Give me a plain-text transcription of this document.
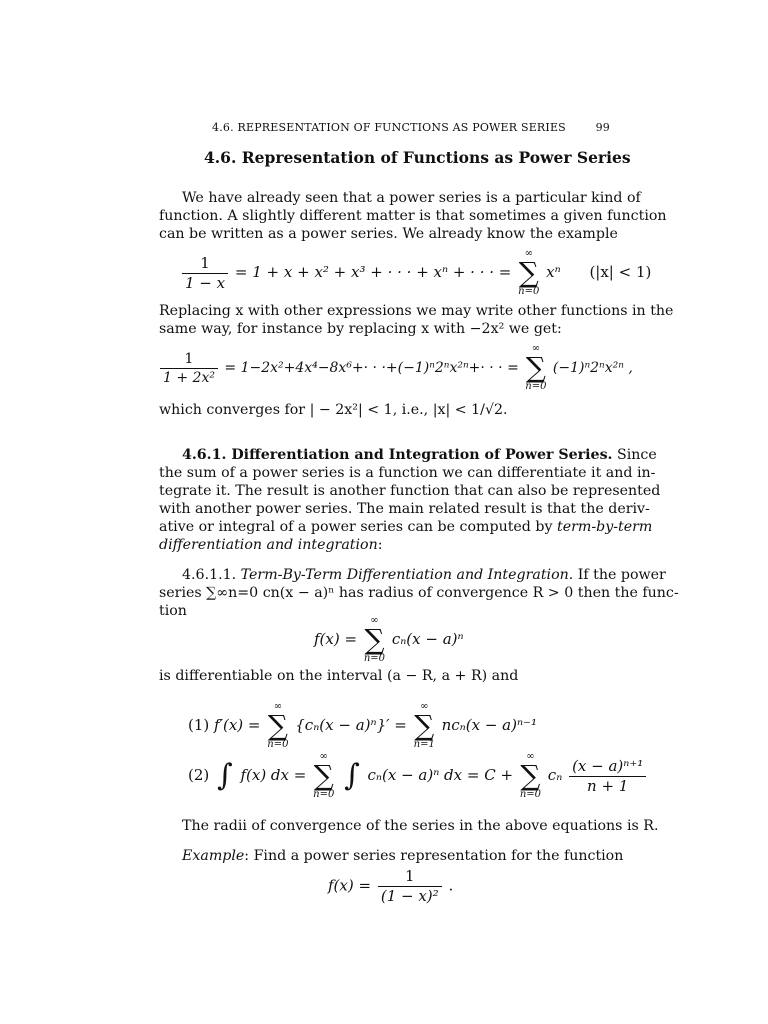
4.6. REPRESENTATION OF FUNCTIONS AS POWER SERIES	99
4.6. Representation of Functions as Power Series
We have already seen that a power series is a particular kind of
function. A slightly different matter is that sometimes a given function
can be written as a power series. We already know the example
$\frac{1}{1 - x} = 1 + x + x^2 + x^3$ + · · · + xⁿ + · · · =
∞
∑
n=0
xⁿ (|x| < 1)
Replacing x with other expressions we may write other functions in the
same way, for instance by replacing x with −2x² we get:
$\frac{1}{\text{1 + 2x²}} = 1-2x^2+4x^4-8x^6+\cdot \cdot \cdot+(-1)^n2^nx^{2n}+\cdot$ · · =
∞
∑
n=0
(−1)ⁿ2ⁿx²ⁿ ,
which converges for | − 2x²| < 1, i.e., |x| < 1/√2.
4.6.1. Differentiation and Integration of Power Series. Since
the sum of a power series is a function we can differentiate it and in-
tegrate it. The result is another function that can also be represented
with another power series. The main related result is that the deriv-
ative or integral of a power series can be computed by term-by-term
differentiation and integration:
4.6.1.1. Term-By-Term Differentiation and Integration. If the power
series ∑∞n=0 cn(x − a)ⁿ has radius of convergence R > 0 then the func-
tion
f(x) =
∞
∑
n=0
cₙ(x − a)ⁿ
is differentiable on the interval (a − R, a + R) and
(1) f′(x) =
∞
∑
n=0
{cₙ(x − a)ⁿ}′ =
∞
∑
n=1
ncₙ(x − a)ⁿ⁻¹
(2) ∫ f(x) dx =
∞
∑
n=0
∫ cₙ(x − a)ⁿ dx = C +
∞
∑
n=0
cₙ $\frac{\text{(x − a)ⁿ⁺¹}}{n + 1}$
The radii of convergence of the series in the above equations is R.
Example: Find a power series representation for the function
$f(x) = \frac{1}{\text{(1 − x)²}}$ .
